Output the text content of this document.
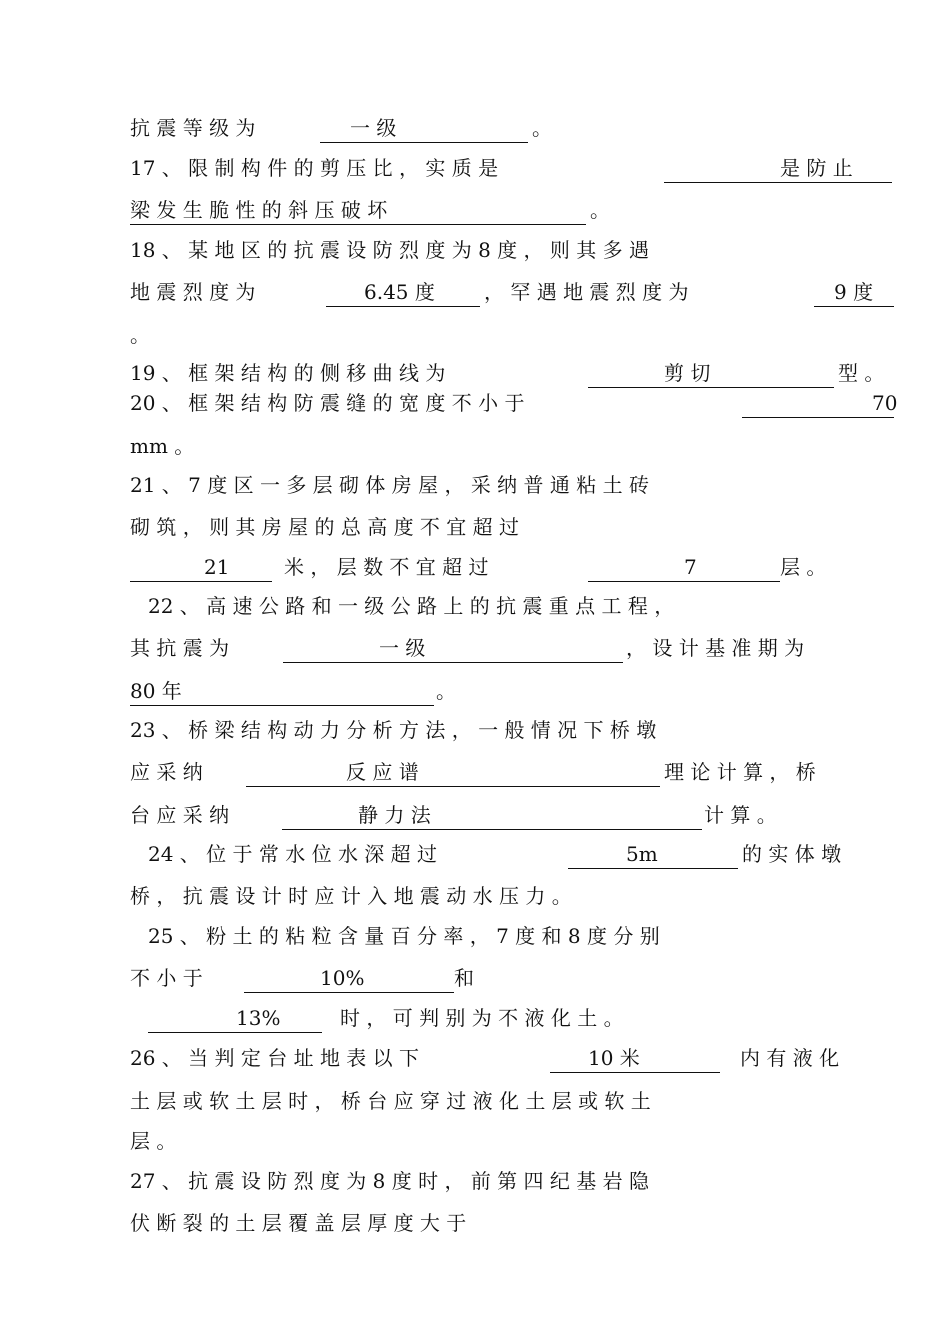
抗 震 等 级 为	一 级	。
17 、 限 制 构 件 的 剪 压 比 ， 实 质 是	是 防 止
梁 发 生 脆 性 的 斜 压 破 坏	。
18 、 某 地 区 的 抗 震 设 防 烈 度 为 8 度 ， 则 其 多 遇
地 震 烈 度 为	6.45 度 ， 罕 遇 地 震 烈 度 为	9 度
。
19 、 框 架 结 构 的 侧 移 曲 线 为	剪 切	型 。
20 、 框 架 结 构 防 震 缝 的 宽 度 不 小 于	70
mm 。
21 、 7 度 区 一 多 层 砌 体 房 屋 ， 采 纳 普 通 粘 土 砖
砌 筑 ， 则 其 房 屋 的 总 高 度 不 宜 超 过
21	米 ， 层 数 不 宜 超 过	7	层 。
22 、 高 速 公 路 和 一 级 公 路 上 的 抗 震 重 点 工 程 ，
其 抗 震 为	一 级	， 设 计 基 准 期 为
80 年	。
23 、 桥 梁 结 构 动 力 分 析 方 法 ， 一 般 情 况 下 桥 墩
应 采 纳	反 应 谱	理 论 计 算 ， 桥
台 应 采 纳	静 力 法	计 算 。
24 、 位 于 常 水 位 水 深 超 过	5m	的 实 体 墩
桥 ， 抗 震 设 计 时 应 计 入 地 震 动 水 压 力 。
25 、 粉 土 的 粘 粒 含 量 百 分 率 ， 7 度 和 8 度 分 别
不 小 于	10%	和
13%	时 ， 可 判 别 为 不 液 化 土 。
26 、 当 判 定 台 址 地 表 以 下	10 米	内 有 液 化
土 层 或 软 土 层 时 ， 桥 台 应 穿 过 液 化 土 层 或 软 土
层 。
27 、 抗 震 设 防 烈 度 为 8 度 时 ， 前 第 四 纪 基 岩 隐
伏 断 裂 的 土 层 覆 盖 层 厚 度 大 于
